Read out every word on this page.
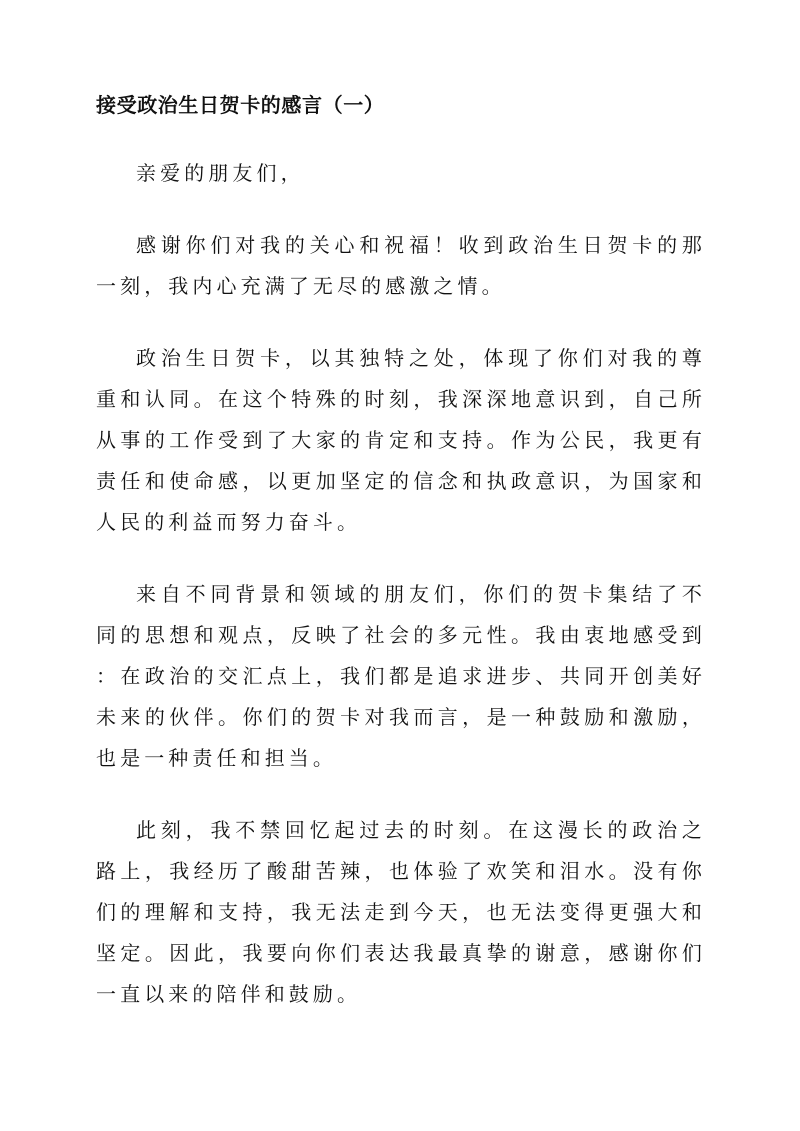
接受政治生日贺卡的感言（一）

亲爱的朋友们，

感谢你们对我的关心和祝福！收到政治生日贺卡的那一刻，我内心充满了无尽的感激之情。

政治生日贺卡，以其独特之处，体现了你们对我的尊重和认同。在这个特殊的时刻，我深深地意识到，自己所从事的工作受到了大家的肯定和支持。作为公民，我更有责任和使命感，以更加坚定的信念和执政意识，为国家和人民的利益而努力奋斗。

来自不同背景和领域的朋友们，你们的贺卡集结了不同的思想和观点，反映了社会的多元性。我由衷地感受到：在政治的交汇点上，我们都是追求进步、共同开创美好未来的伙伴。你们的贺卡对我而言，是一种鼓励和激励，也是一种责任和担当。

此刻，我不禁回忆起过去的时刻。在这漫长的政治之路上，我经历了酸甜苦辣，也体验了欢笑和泪水。没有你们的理解和支持，我无法走到今天，也无法变得更强大和坚定。因此，我要向你们表达我最真挚的谢意，感谢你们一直以来的陪伴和鼓励。
